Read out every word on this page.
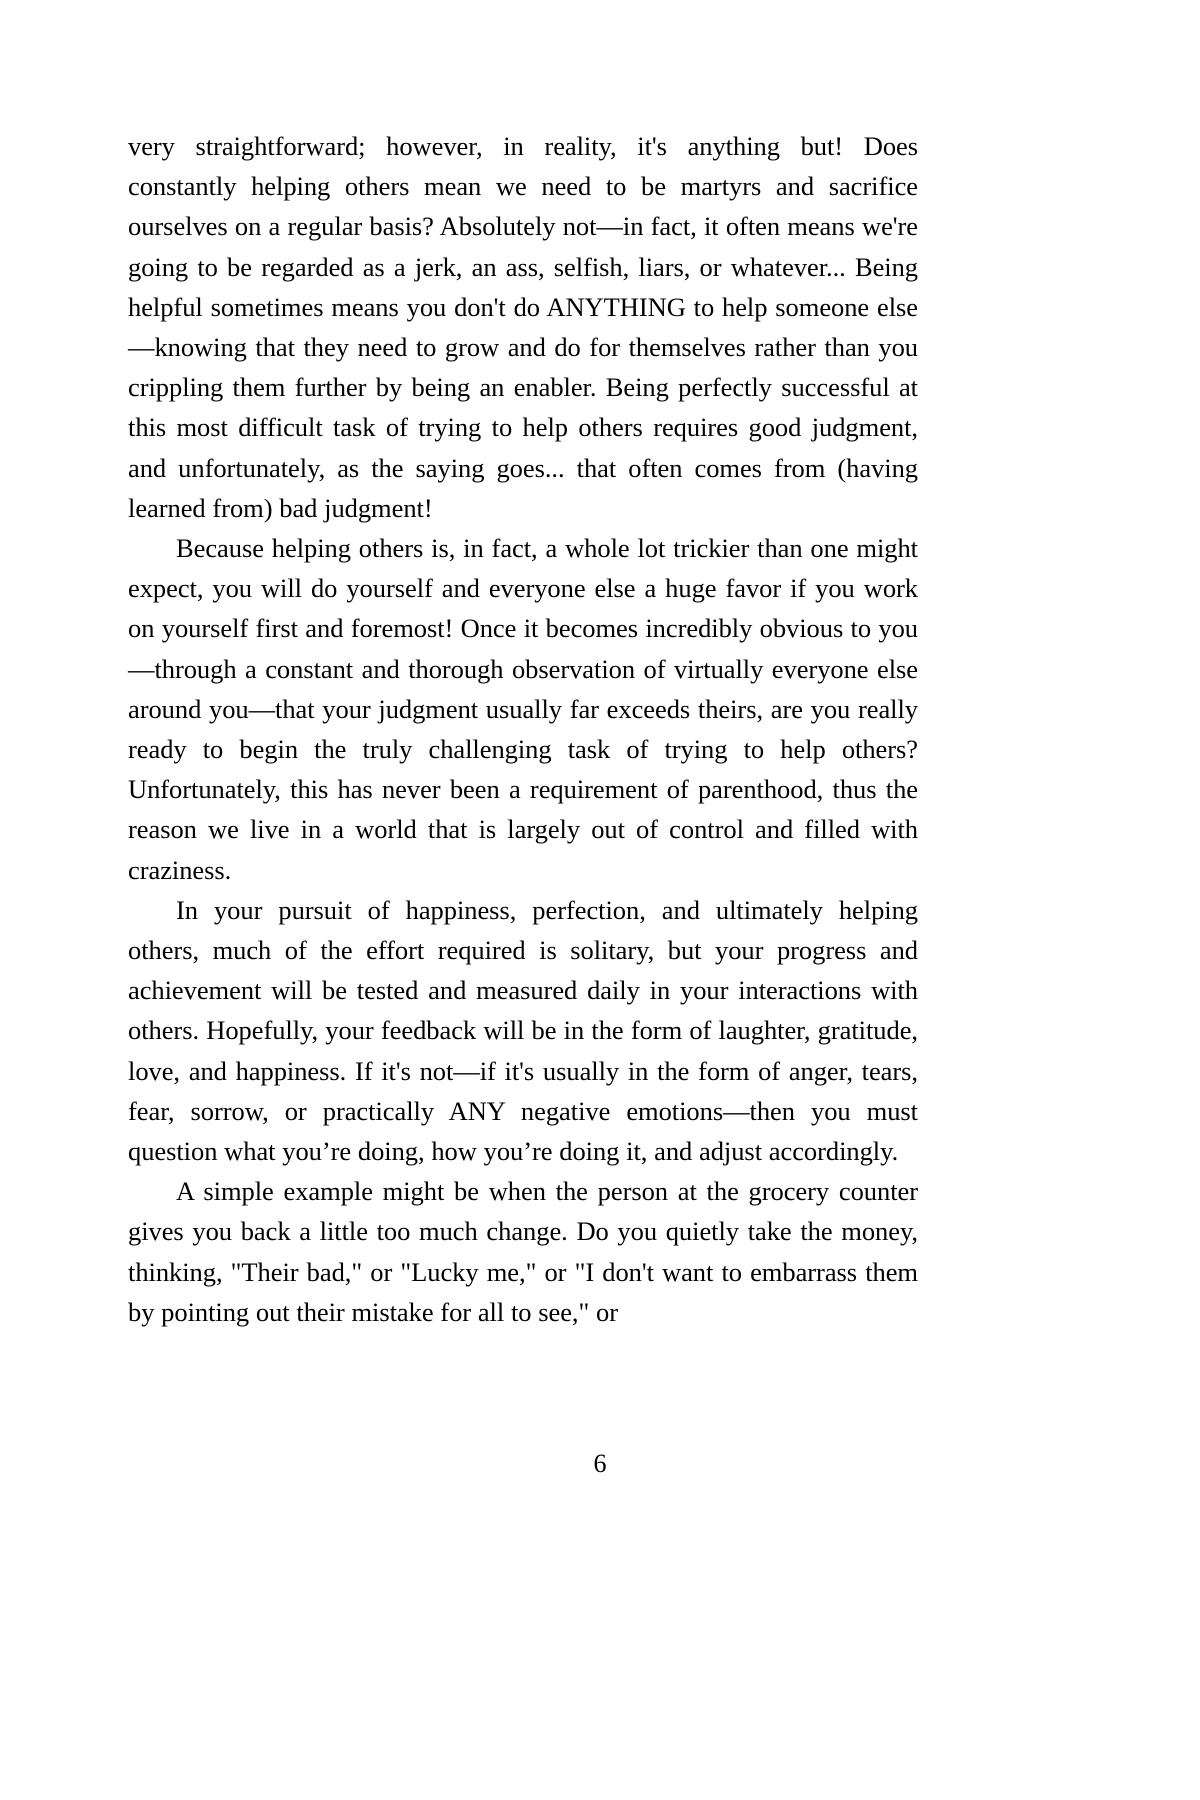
very straightforward; however, in reality, it's anything but! Does constantly helping others mean we need to be martyrs and sacrifice ourselves on a regular basis? Absolutely not—in fact, it often means we're going to be regarded as a jerk, an ass, selfish, liars, or whatever... Being helpful sometimes means you don't do ANYTHING to help someone else—knowing that they need to grow and do for themselves rather than you crippling them further by being an enabler. Being perfectly successful at this most difficult task of trying to help others requires good judgment, and unfortunately, as the saying goes... that often comes from (having learned from) bad judgment!

Because helping others is, in fact, a whole lot trickier than one might expect, you will do yourself and everyone else a huge favor if you work on yourself first and foremost! Once it becomes incredibly obvious to you—through a constant and thorough observation of virtually everyone else around you—that your judgment usually far exceeds theirs, are you really ready to begin the truly challenging task of trying to help others? Unfortunately, this has never been a requirement of parenthood, thus the reason we live in a world that is largely out of control and filled with craziness.

In your pursuit of happiness, perfection, and ultimately helping others, much of the effort required is solitary, but your progress and achievement will be tested and measured daily in your interactions with others. Hopefully, your feedback will be in the form of laughter, gratitude, love, and happiness. If it's not—if it's usually in the form of anger, tears, fear, sorrow, or practically ANY negative emotions—then you must question what you’re doing, how you’re doing it, and adjust accordingly.

A simple example might be when the person at the grocery counter gives you back a little too much change. Do you quietly take the money, thinking, "Their bad," or "Lucky me," or "I don't want to embarrass them by pointing out their mistake for all to see," or

6
